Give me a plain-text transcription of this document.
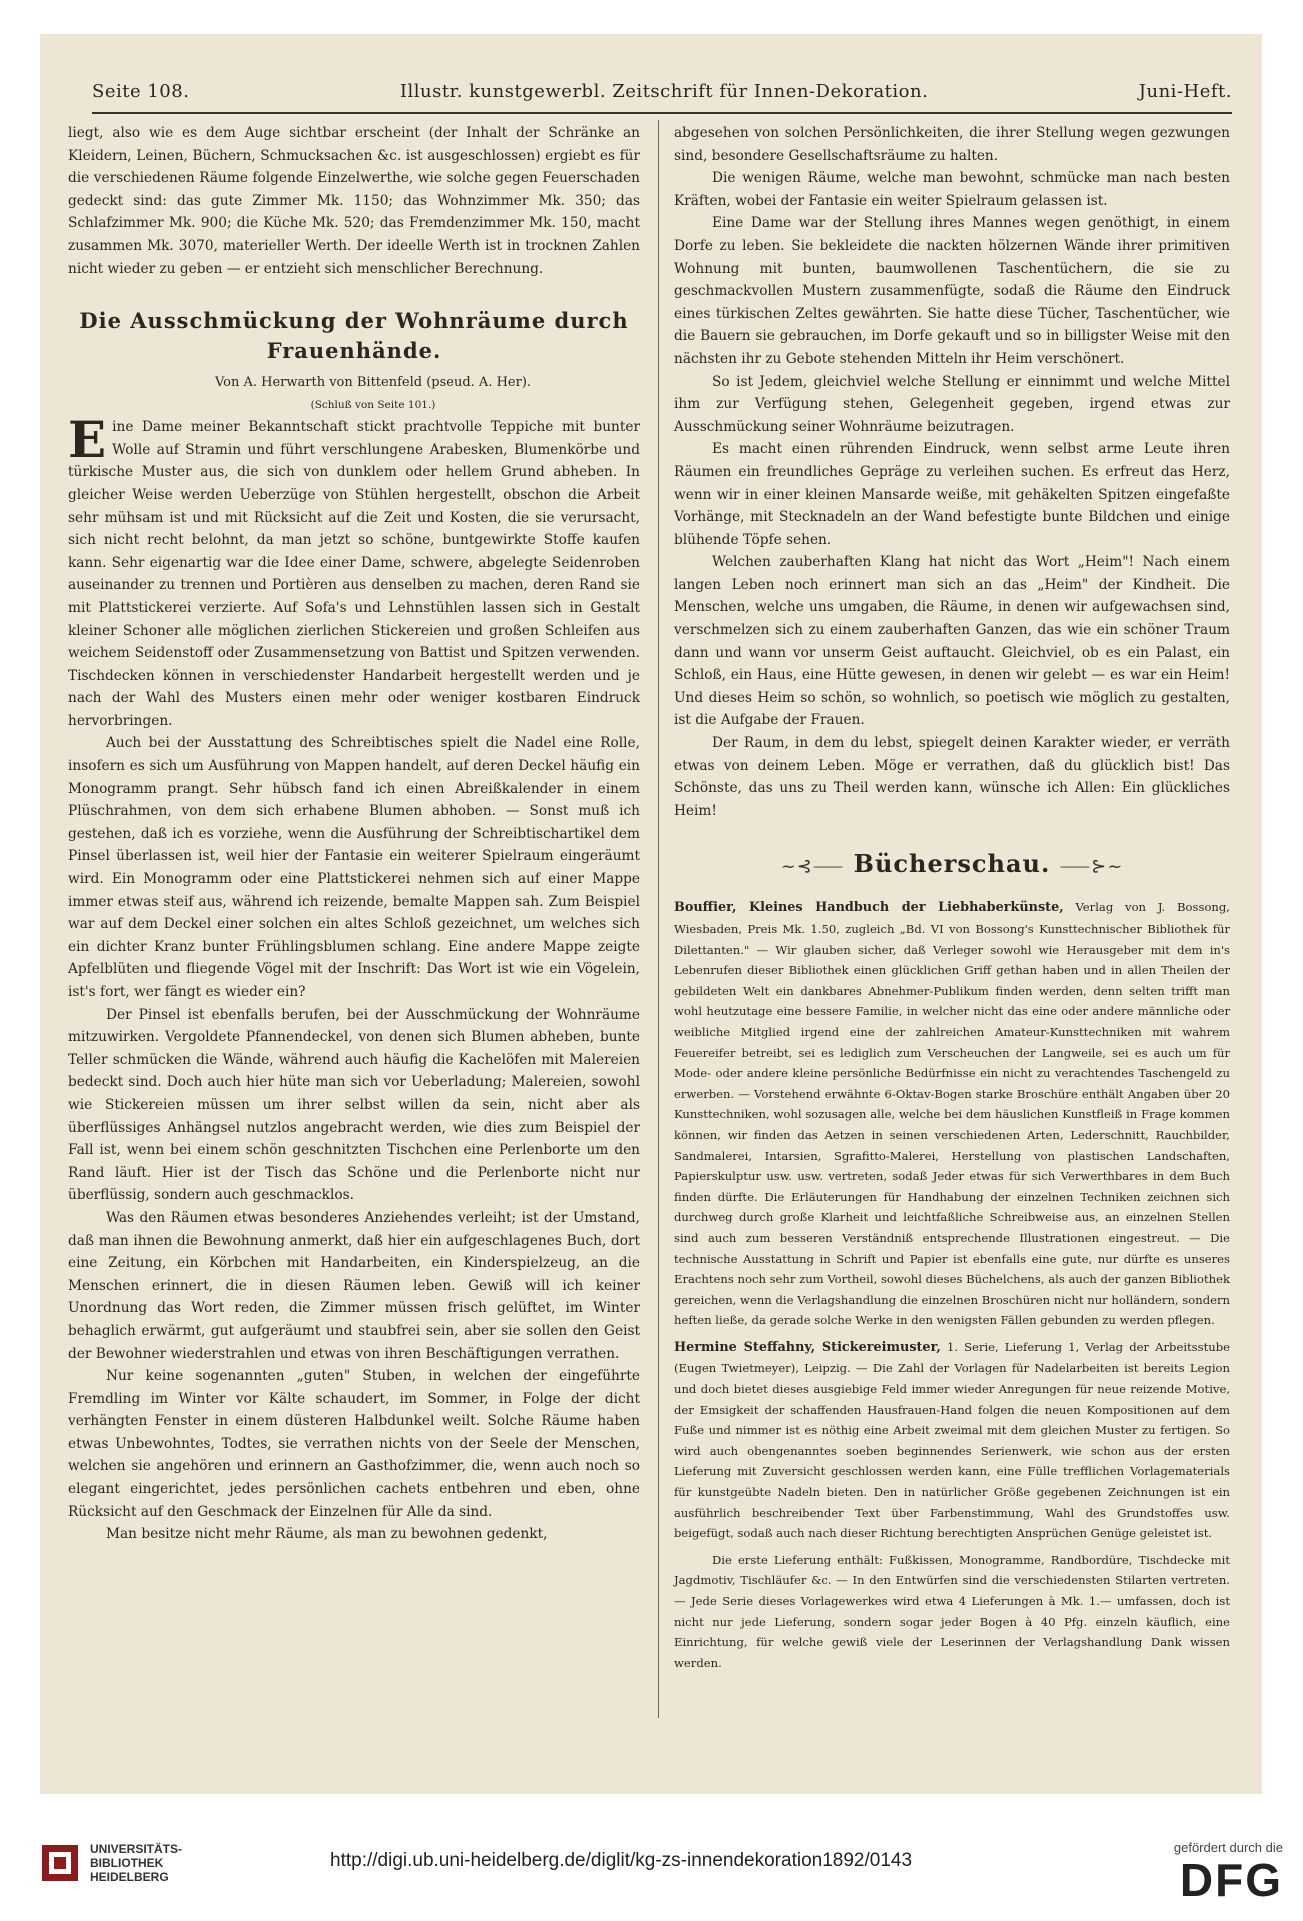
Seite 108.	Illustr. kunstgewerbl. Zeitschrift für Innen-Dekoration.	Juni-Heft.

liegt, also wie es dem Auge sichtbar erscheint (der Inhalt der Schränke an Kleidern, Leinen, Büchern, Schmucksachen &c. ist ausgeschlossen) ergiebt es für die verschiedenen Räume folgende Einzelwerthe, wie solche gegen Feuerschaden gedeckt sind: das gute Zimmer Mk. 1150; das Wohnzimmer Mk. 350; das Schlafzimmer Mk. 900; die Küche Mk. 520; das Fremdenzimmer Mk. 150, macht zusammen Mk. 3070, materieller Werth. Der ideelle Werth ist in trocknen Zahlen nicht wieder zu geben — er entzieht sich menschlicher Berechnung.

Die Ausschmückung der Wohnräume durch Frauenhände.

Von A. Herwarth von Bittenfeld (pseud. A. Her).

(Schluß von Seite 101.)

Eine Dame meiner Bekanntschaft stickt prachtvolle Teppiche mit bunter Wolle auf Stramin und führt verschlungene Arabesken, Blumenkörbe und türkische Muster aus, die sich von dunklem oder hellem Grund abheben. In gleicher Weise werden Ueberzüge von Stühlen hergestellt, obschon die Arbeit sehr mühsam ist und mit Rücksicht auf die Zeit und Kosten, die sie verursacht, sich nicht recht belohnt, da man jetzt so schöne, buntgewirkte Stoffe kaufen kann. Sehr eigenartig war die Idee einer Dame, schwere, abgelegte Seidenroben auseinander zu trennen und Portièren aus denselben zu machen, deren Rand sie mit Plattstickerei verzierte. Auf Sofa's und Lehnstühlen lassen sich in Gestalt kleiner Schoner alle möglichen zierlichen Stickereien und großen Schleifen aus weichem Seidenstoff oder Zusammensetzung von Battist und Spitzen verwenden. Tischdecken können in verschiedenster Handarbeit hergestellt werden und je nach der Wahl des Musters einen mehr oder weniger kostbaren Eindruck hervorbringen.

Auch bei der Ausstattung des Schreibtisches spielt die Nadel eine Rolle, insofern es sich um Ausführung von Mappen handelt, auf deren Deckel häufig ein Monogramm prangt. Sehr hübsch fand ich einen Abreißkalender in einem Plüschrahmen, von dem sich erhabene Blumen abhoben. — Sonst muß ich gestehen, daß ich es vorziehe, wenn die Ausführung der Schreibtischartikel dem Pinsel überlassen ist, weil hier der Fantasie ein weiterer Spielraum eingeräumt wird. Ein Monogramm oder eine Plattstickerei nehmen sich auf einer Mappe immer etwas steif aus, während ich reizende, bemalte Mappen sah. Zum Beispiel war auf dem Deckel einer solchen ein altes Schloß gezeichnet, um welches sich ein dichter Kranz bunter Frühlingsblumen schlang. Eine andere Mappe zeigte Apfelblüten und fliegende Vögel mit der Inschrift: Das Wort ist wie ein Vögelein, ist's fort, wer fängt es wieder ein?

Der Pinsel ist ebenfalls berufen, bei der Ausschmückung der Wohnräume mitzuwirken. Vergoldete Pfannendeckel, von denen sich Blumen abheben, bunte Teller schmücken die Wände, während auch häufig die Kachelöfen mit Malereien bedeckt sind. Doch auch hier hüte man sich vor Ueberladung; Malereien, sowohl wie Stickereien müssen um ihrer selbst willen da sein, nicht aber als überflüssiges Anhängsel nutzlos angebracht werden, wie dies zum Beispiel der Fall ist, wenn bei einem schön geschnitzten Tischchen eine Perlenborte um den Rand läuft. Hier ist der Tisch das Schöne und die Perlenborte nicht nur überflüssig, sondern auch geschmacklos.

Was den Räumen etwas besonderes Anziehendes verleiht; ist der Umstand, daß man ihnen die Bewohnung anmerkt, daß hier ein aufgeschlagenes Buch, dort eine Zeitung, ein Körbchen mit Handarbeiten, ein Kinderspielzeug, an die Menschen erinnert, die in diesen Räumen leben. Gewiß will ich keiner Unordnung das Wort reden, die Zimmer müssen frisch gelüftet, im Winter behaglich erwärmt, gut aufgeräumt und staubfrei sein, aber sie sollen den Geist der Bewohner wiederstrahlen und etwas von ihren Beschäftigungen verrathen.

Nur keine sogenannten „guten" Stuben, in welchen der eingeführte Fremdling im Winter vor Kälte schaudert, im Sommer, in Folge der dicht verhängten Fenster in einem düsteren Halbdunkel weilt. Solche Räume haben etwas Unbewohntes, Todtes, sie verrathen nichts von der Seele der Menschen, welchen sie angehören und erinnern an Gasthofzimmer, die, wenn auch noch so elegant eingerichtet, jedes persönlichen cachets entbehren und eben, ohne Rücksicht auf den Geschmack der Einzelnen für Alle da sind.

Man besitze nicht mehr Räume, als man zu bewohnen gedenkt,

abgesehen von solchen Persönlichkeiten, die ihrer Stellung wegen gezwungen sind, besondere Gesellschaftsräume zu halten.

Die wenigen Räume, welche man bewohnt, schmücke man nach besten Kräften, wobei der Fantasie ein weiter Spielraum gelassen ist.

Eine Dame war der Stellung ihres Mannes wegen genöthigt, in einem Dorfe zu leben. Sie bekleidete die nackten hölzernen Wände ihrer primitiven Wohnung mit bunten, baumwollenen Taschentüchern, die sie zu geschmackvollen Mustern zusammenfügte, sodaß die Räume den Eindruck eines türkischen Zeltes gewährten. Sie hatte diese Tücher, Taschentücher, wie die Bauern sie gebrauchen, im Dorfe gekauft und so in billigster Weise mit den nächsten ihr zu Gebote stehenden Mitteln ihr Heim verschönert.

So ist Jedem, gleichviel welche Stellung er einnimmt und welche Mittel ihm zur Verfügung stehen, Gelegenheit gegeben, irgend etwas zur Ausschmückung seiner Wohnräume beizutragen.

Es macht einen rührenden Eindruck, wenn selbst arme Leute ihren Räumen ein freundliches Gepräge zu verleihen suchen. Es erfreut das Herz, wenn wir in einer kleinen Mansarde weiße, mit gehäkelten Spitzen eingefaßte Vorhänge, mit Stecknadeln an der Wand befestigte bunte Bildchen und einige blühende Töpfe sehen.

Welchen zauberhaften Klang hat nicht das Wort „Heim"! Nach einem langen Leben noch erinnert man sich an das „Heim" der Kindheit. Die Menschen, welche uns umgaben, die Räume, in denen wir aufgewachsen sind, verschmelzen sich zu einem zauberhaften Ganzen, das wie ein schöner Traum dann und wann vor unserm Geist auftaucht. Gleichviel, ob es ein Palast, ein Schloß, ein Haus, eine Hütte gewesen, in denen wir gelebt — es war ein Heim! Und dieses Heim so schön, so wohnlich, so poetisch wie möglich zu gestalten, ist die Aufgabe der Frauen.

Der Raum, in dem du lebst, spiegelt deinen Karakter wieder, er verräth etwas von deinem Leben. Möge er verrathen, daß du glücklich bist! Das Schönste, das uns zu Theil werden kann, wünsche ich Allen: Ein glückliches Heim!

~⊰⸺ Bücherschau. ⸺⊱~

Bouffier, Kleines Handbuch der Liebhaberkünste, Verlag von J. Bossong, Wiesbaden, Preis Mk. 1.50, zugleich „Bd. VI von Bossong's Kunsttechnischer Bibliothek für Dilettanten." — Wir glauben sicher, daß Verleger sowohl wie Herausgeber mit dem in's Lebenrufen dieser Bibliothek einen glücklichen Griff gethan haben und in allen Theilen der gebildeten Welt ein dankbares Abnehmer-Publikum finden werden, denn selten trifft man wohl heutzutage eine bessere Familie, in welcher nicht das eine oder andere männliche oder weibliche Mitglied irgend eine der zahlreichen Amateur-Kunsttechniken mit wahrem Feuereifer betreibt, sei es lediglich zum Verscheuchen der Langweile, sei es auch um für Mode- oder andere kleine persönliche Bedürfnisse ein nicht zu verachtendes Taschengeld zu erwerben. — Vorstehend erwähnte 6-Oktav-Bogen starke Broschüre enthält Angaben über 20 Kunsttechniken, wohl sozusagen alle, welche bei dem häuslichen Kunstfleiß in Frage kommen können, wir finden das Aetzen in seinen verschiedenen Arten, Lederschnitt, Rauchbilder, Sandmalerei, Intarsien, Sgrafitto-Malerei, Herstellung von plastischen Landschaften, Papierskulptur usw. usw. vertreten, sodaß Jeder etwas für sich Verwerthbares in dem Buch finden dürfte. Die Erläuterungen für Handhabung der einzelnen Techniken zeichnen sich durchweg durch große Klarheit und leichtfaßliche Schreibweise aus, an einzelnen Stellen sind auch zum besseren Verständniß entsprechende Illustrationen eingestreut. — Die technische Ausstattung in Schrift und Papier ist ebenfalls eine gute, nur dürfte es unseres Erachtens noch sehr zum Vortheil, sowohl dieses Büchelchens, als auch der ganzen Bibliothek gereichen, wenn die Verlagshandlung die einzelnen Broschüren nicht nur holländern, sondern heften ließe, da gerade solche Werke in den wenigsten Fällen gebunden zu werden pflegen.

Hermine Steffahny, Stickereimuster, 1. Serie, Lieferung 1, Verlag der Arbeitsstube (Eugen Twietmeyer), Leipzig. — Die Zahl der Vorlagen für Nadelarbeiten ist bereits Legion und doch bietet dieses ausgiebige Feld immer wieder Anregungen für neue reizende Motive, der Emsigkeit der schaffenden Hausfrauen-Hand folgen die neuen Kompositionen auf dem Fuße und nimmer ist es nöthig eine Arbeit zweimal mit dem gleichen Muster zu fertigen. So wird auch obengenanntes soeben beginnendes Serienwerk, wie schon aus der ersten Lieferung mit Zuversicht geschlossen werden kann, eine Fülle trefflichen Vorlagematerials für kunstgeübte Nadeln bieten. Den in natürlicher Größe gegebenen Zeichnungen ist ein ausführlich beschreibender Text über Farbenstimmung, Wahl des Grundstoffes usw. beigefügt, sodaß auch nach dieser Richtung berechtigten Ansprüchen Genüge geleistet ist.

Die erste Lieferung enthält: Fußkissen, Monogramme, Randbordüre, Tischdecke mit Jagdmotiv, Tischläufer &c. — In den Entwürfen sind die verschiedensten Stilarten vertreten. — Jede Serie dieses Vorlagewerkes wird etwa 4 Lieferungen à Mk. 1.— umfassen, doch ist nicht nur jede Lieferung, sondern sogar jeder Bogen à 40 Pfg. einzeln käuflich, eine Einrichtung, für welche gewiß viele der Leserinnen der Verlagshandlung Dank wissen werden.

UNIVERSITÄTS-
BIBLIOTHEK
HEIDELBERG
http://digi.ub.uni-heidelberg.de/diglit/kg-zs-innendekoration1892/0143
gefördert durch die
DFG
